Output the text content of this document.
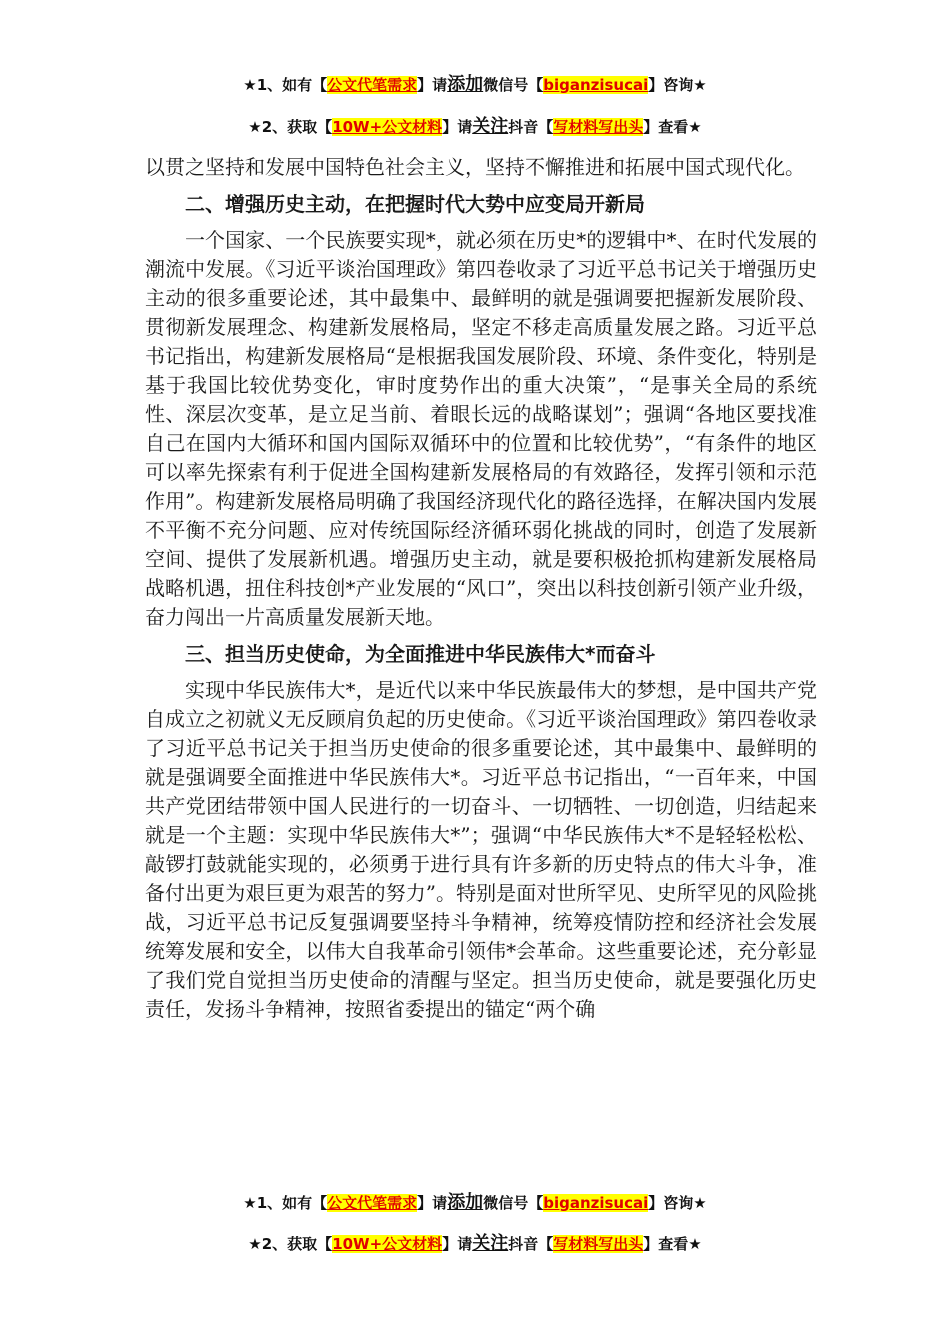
★1、如有【公文代笔需求】请添加微信号【biganzisucai】咨询★
★2、获取【10W+公文材料】请关注抖音【写材料写出头】查看★

以贯之坚持和发展中国特色社会主义，坚持不懈推进和拓展中国式现代化。

二、增强历史主动，在把握时代大势中应变局开新局

一个国家、一个民族要实现*，就必须在历史*的逻辑中*、在时代发展的潮流中发展。《习近平谈治国理政》第四卷收录了习近平总书记关于增强历史主动的很多重要论述，其中最集中、最鲜明的就是强调要把握新发展阶段、贯彻新发展理念、构建新发展格局，坚定不移走高质量发展之路。习近平总书记指出，构建新发展格局“是根据我国发展阶段、环境、条件变化，特别是基于我国比较优势变化，审时度势作出的重大决策”，“是事关全局的系统性、深层次变革，是立足当前、着眼长远的战略谋划”；强调“各地区要找准自己在国内大循环和国内国际双循环中的位置和比较优势”，“有条件的地区可以率先探索有利于促进全国构建新发展格局的有效路径，发挥引领和示范作用”。构建新发展格局明确了我国经济现代化的路径选择，在解决国内发展不平衡不充分问题、应对传统国际经济循环弱化挑战的同时，创造了发展新空间、提供了发展新机遇。增强历史主动，就是要积极抢抓构建新发展格局战略机遇，扭住科技创*产业发展的“风口”，突出以科技创新引领产业升级，奋力闯出一片高质量发展新天地。

三、担当历史使命，为全面推进中华民族伟大*而奋斗

实现中华民族伟大*，是近代以来中华民族最伟大的梦想，是中国共产党自成立之初就义无反顾肩负起的历史使命。《习近平谈治国理政》第四卷收录了习近平总书记关于担当历史使命的很多重要论述，其中最集中、最鲜明的就是强调要全面推进中华民族伟大*。习近平总书记指出，“一百年来，中国共产党团结带领中国人民进行的一切奋斗、一切牺牲、一切创造，归结起来就是一个主题：实现中华民族伟大*”；强调“中华民族伟大*不是轻轻松松、敲锣打鼓就能实现的，必须勇于进行具有许多新的历史特点的伟大斗争，准备付出更为艰巨更为艰苦的努力”。特别是面对世所罕见、史所罕见的风险挑战，习近平总书记反复强调要坚持斗争精神，统筹疫情防控和经济社会发展统筹发展和安全，以伟大自我革命引领伟*会革命。这些重要论述，充分彰显了我们党自觉担当历史使命的清醒与坚定。担当历史使命，就是要强化历史责任，发扬斗争精神，按照省委提出的锚定“两个确

★1、如有【公文代笔需求】请添加微信号【biganzisucai】咨询★
★2、获取【10W+公文材料】请关注抖音【写材料写出头】查看★
